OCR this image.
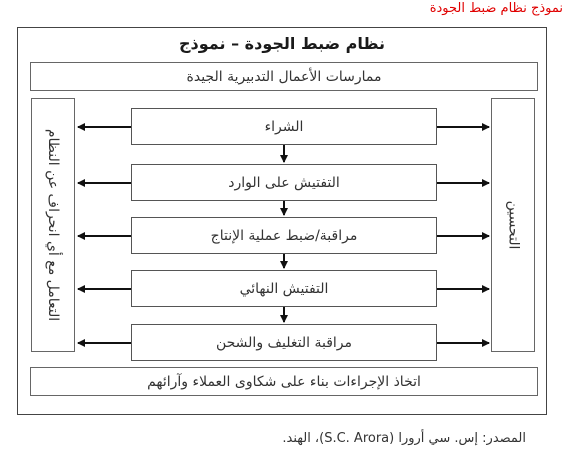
نموذج نظام ضبط الجودة
نظام ضبط الجودة – نموذج
ممارسات الأعمال التدبيرية الجيدة
التعامل مع أي انحراف عن النظام	التحسين
الشراء
التفتيش على الوارد
مراقبة/ضبط عملية الإنتاج
التفتيش النهائي
مراقبة التغليف والشحن
اتخاذ الإجراءات بناء على شكاوى العملاء وآرائهم
المصدر: إس. سي أرورا (S.C. Arora)، الهند.
